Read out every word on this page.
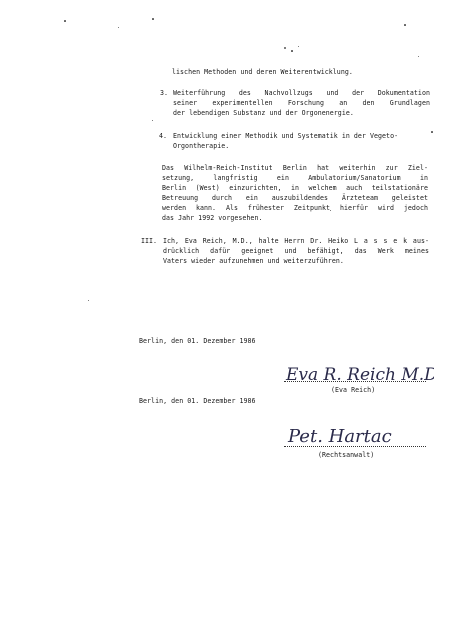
lischen Methoden und deren Weiterentwicklung.
3. Weiterführung des Nachvollzugs und der Dokumentation
seiner experimentellen Forschung an den Grundlagen
der lebendigen Substanz und der Orgonenergie.
4. Entwicklung einer Methodik und Systematik in der Vegeto-
Orgontherapie.
Das Wilhelm-Reich-Institut Berlin hat weiterhin zur Ziel-
setzung, langfristig ein Ambulatorium/Sanatorium in
Berlin (West) einzurichten, in welchem auch teilstationäre
Betreuung durch ein auszubildendes Ärzteteam geleistet
werden kann. Als frühester Zeitpunkt hierfür wird jedoch
das Jahr 1992 vorgesehen.
III. Ich, Eva Reich, M.D., halte Herrn Dr. Heiko L a s s e k aus-
drücklich dafür geeignet und befähigt, das Werk meines
Vaters wieder aufzunehmen und weiterzuführen.
Berlin, den 01. Dezember 1986
Eva R. Reich M.D.
(Eva Reich)
Berlin, den 01. Dezember 1986
Pet. Hartac
(Rechtsanwalt)
